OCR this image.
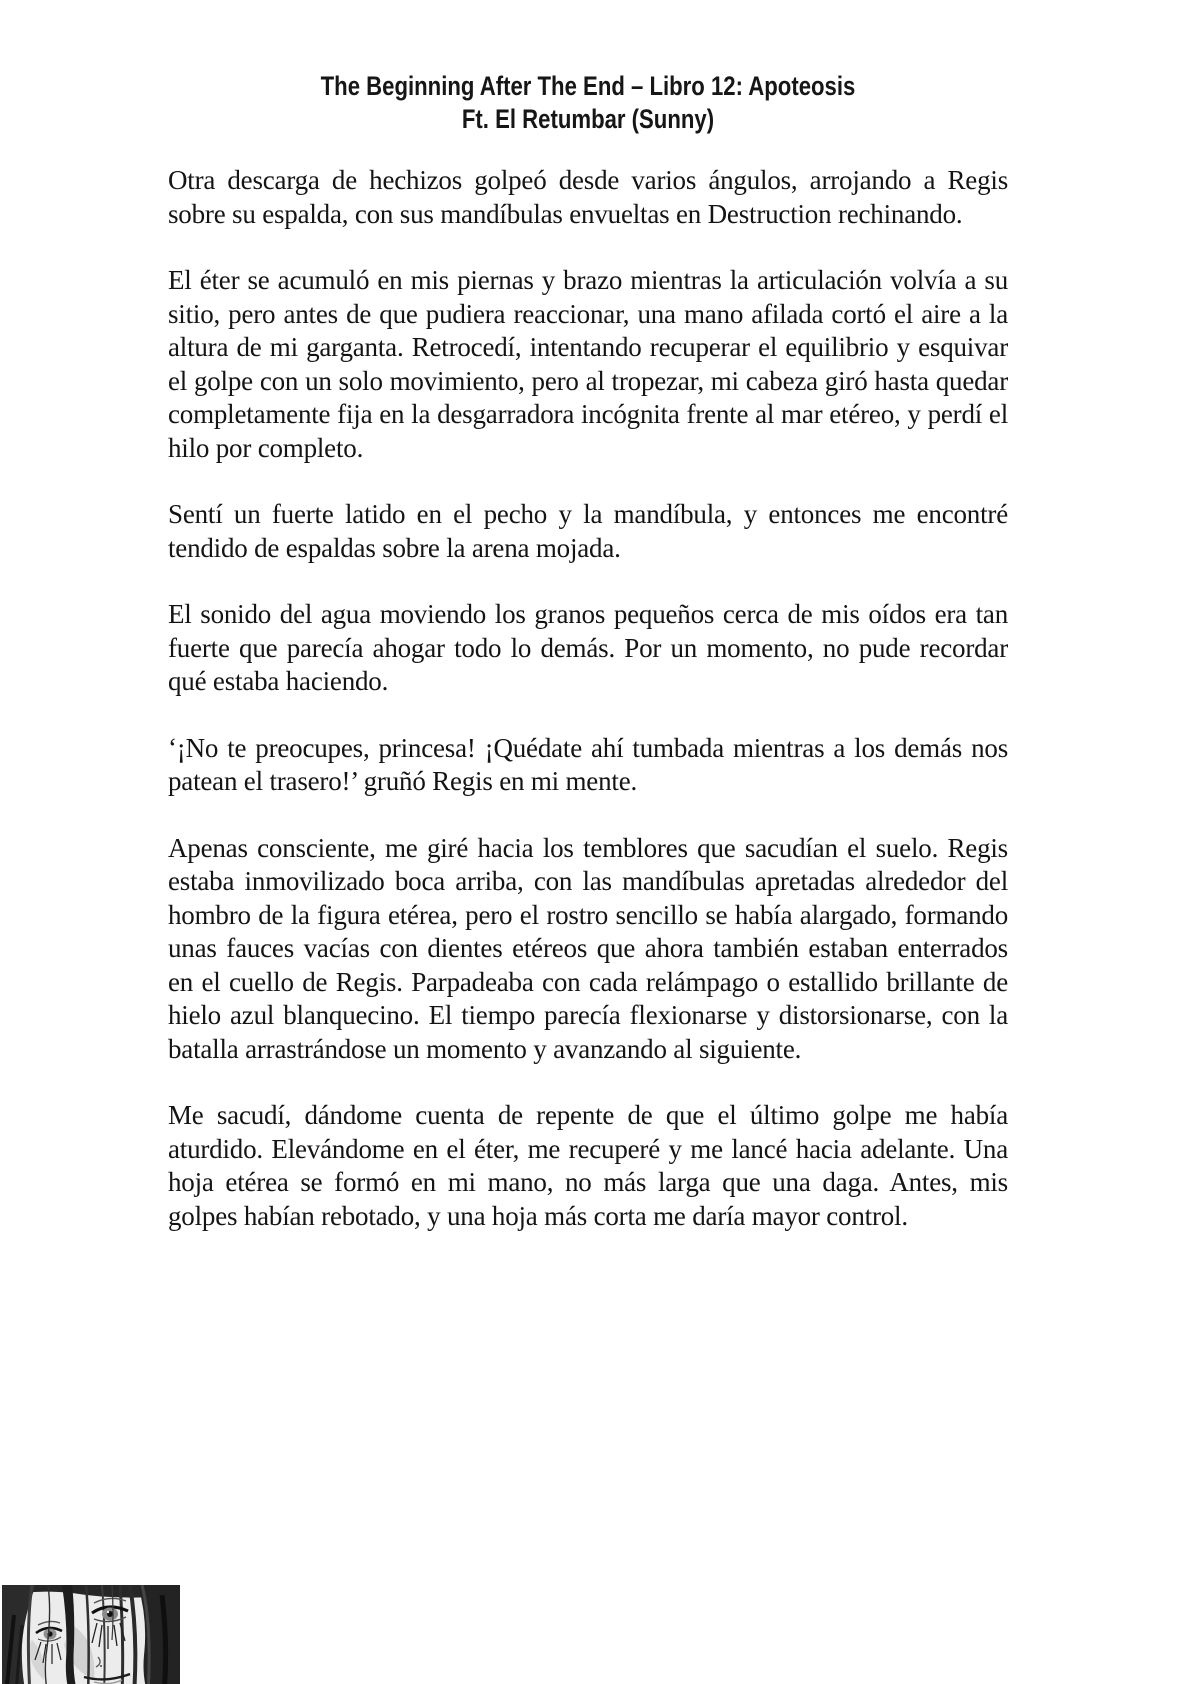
The Beginning After The End – Libro 12: Apoteosis
Ft. El Retumbar (Sunny)

Otra descarga de hechizos golpeó desde varios ángulos, arrojando a Regis sobre su espalda, con sus mandíbulas envueltas en Destruction rechinando.

El éter se acumuló en mis piernas y brazo mientras la articulación volvía a su sitio, pero antes de que pudiera reaccionar, una mano afilada cortó el aire a la altura de mi garganta. Retrocedí, intentando recuperar el equilibrio y esquivar el golpe con un solo movimiento, pero al tropezar, mi cabeza giró hasta quedar completamente fija en la desgarradora incógnita frente al mar etéreo, y perdí el hilo por completo.

Sentí un fuerte latido en el pecho y la mandíbula, y entonces me encontré tendido de espaldas sobre la arena mojada.

El sonido del agua moviendo los granos pequeños cerca de mis oídos era tan fuerte que parecía ahogar todo lo demás. Por un momento, no pude recordar qué estaba haciendo.

‘¡No te preocupes, princesa! ¡Quédate ahí tumbada mientras a los demás nos patean el trasero!’ gruñó Regis en mi mente.

Apenas consciente, me giré hacia los temblores que sacudían el suelo. Regis estaba inmovilizado boca arriba, con las mandíbulas apretadas alrededor del hombro de la figura etérea, pero el rostro sencillo se había alargado, formando unas fauces vacías con dientes etéreos que ahora también estaban enterrados en el cuello de Regis. Parpadeaba con cada relámpago o estallido brillante de hielo azul blanquecino. El tiempo parecía flexionarse y distorsionarse, con la batalla arrastrándose un momento y avanzando al siguiente.

Me sacudí, dándome cuenta de repente de que el último golpe me había aturdido. Elevándome en el éter, me recuperé y me lancé hacia adelante. Una hoja etérea se formó en mi mano, no más larga que una daga. Antes, mis golpes habían rebotado, y una hoja más corta me daría mayor control.
